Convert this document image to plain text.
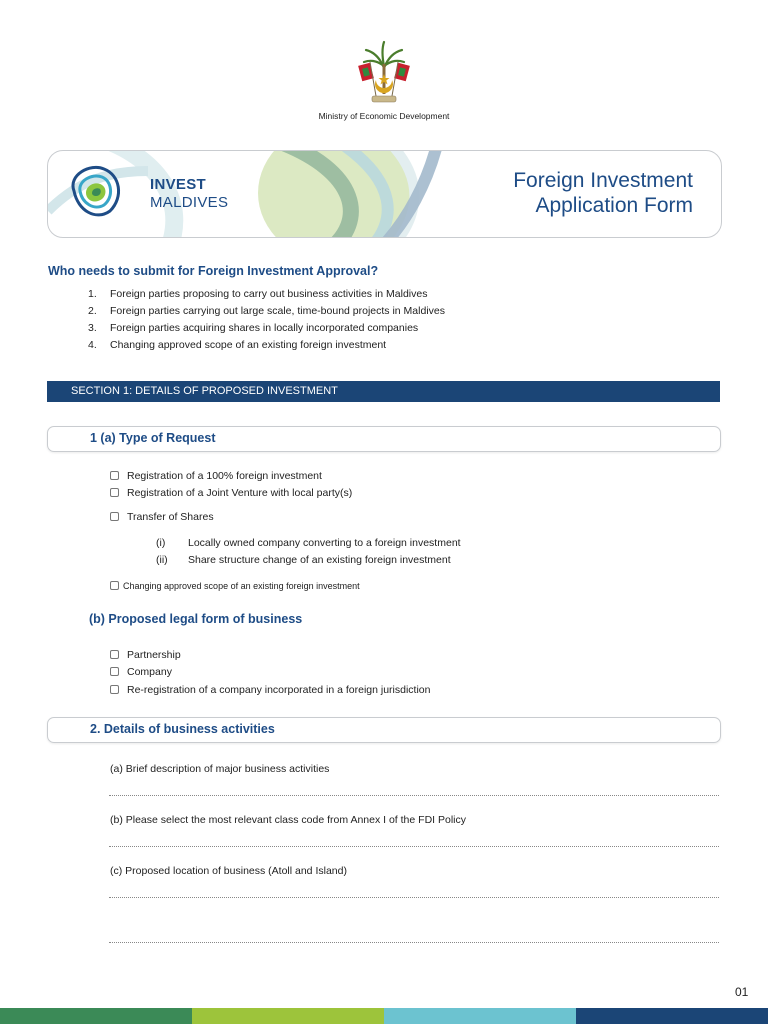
Ministry of Economic Development
INVEST
MALDIVES
Foreign Investment
Application Form
Who needs to submit for Foreign Investment Approval?
1. Foreign parties proposing to carry out business activities in Maldives
2. Foreign parties carrying out large scale, time-bound projects in Maldives
3. Foreign parties acquiring shares in locally incorporated companies
4. Changing approved scope of an existing foreign investment
SECTION 1: DETAILS OF PROPOSED INVESTMENT
1 (a) Type of Request
Registration of a 100% foreign investment
Registration of a Joint Venture with local party(s)
Transfer of Shares
(i) Locally owned company converting to a foreign investment
(ii) Share structure change of an existing foreign investment
Changing approved scope of an existing foreign investment
(b) Proposed legal form of business
Partnership
Company
Re-registration of a company incorporated in a foreign jurisdiction
2. Details of business activities
(a) Brief description of major business activities
(b) Please select the most relevant class code from Annex I of the FDI Policy
(c) Proposed location of business (Atoll and Island)
01
